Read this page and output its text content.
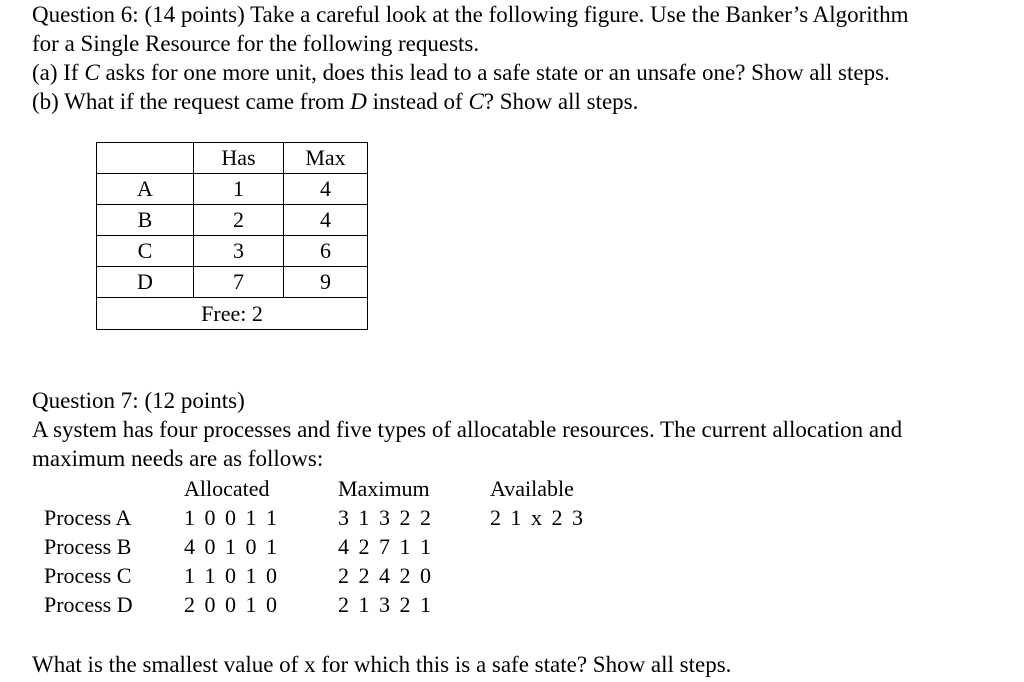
Question 6: (14 points) Take a careful look at the following figure. Use the Banker’s Algorithm
for a Single Resource for the following requests.
(a) If C asks for one more unit, does this lead to a safe state or an unsafe one? Show all steps.
(b) What if the request came from D instead of C? Show all steps.
	Has	Max
A	1	4
B	2	4
C	3	6
D	7	9
Free: 2		
Question 7: (12 points)
A system has four processes and five types of allocatable resources. The current allocation and
maximum needs are as follows:
Allocated	Maximum	Available
Process A 1 0 0 1 1	3 1 3 2 2	2 1 x 2 3
Process B 4 0 1 0 1	4 2 7 1 1
Process C 1 1 0 1 0	2 2 4 2 0
Process D 2 0 0 1 0	2 1 3 2 1
What is the smallest value of x for which this is a safe state? Show all steps.
